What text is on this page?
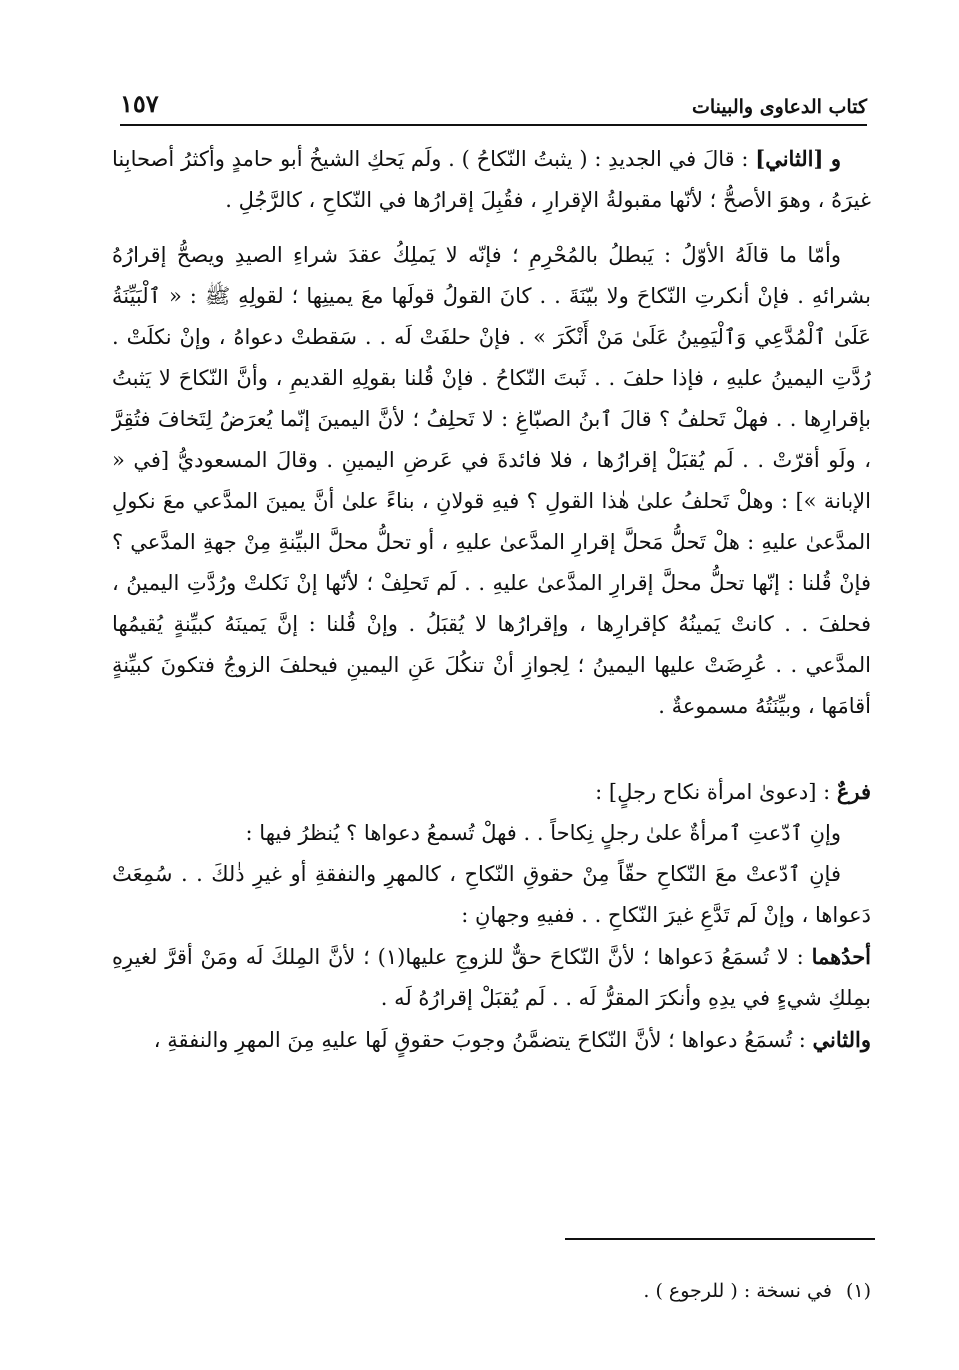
كتاب الدعاوى والبينات
١٥٧

و [الثاني] : قالَ في الجديدِ : ( يثبتُ النّكاحُ ) . ولَم يَحكِ الشيخُ أبو حامدٍ وأكثرُ أصحابِنا غيرَهُ ، وهوَ الأصحُّ ؛ لأنّها مقبولةُ الإقرارِ ، فقُبِلَ إقرارُها في النّكاحِ ، كالرَّجُلِ .

وأمّا ما قالَهُ الأوّلُ : يَبطلُ بالمُحْرِمِ ؛ فإنّه لا يَملِكُ عقدَ شراءِ الصيدِ ويصحُّ إقرارُهُ بشرائهِ . فإنْ أنكرتِ النّكاحَ ولا بيّنَةَ . . كانَ القولُ قولَها معَ يمينِها ؛ لقولِهِ ﷺ : « ٱلْبَيِّنَةُ عَلَىٰ ٱلْمُدَّعِي وَٱلْيَمِينُ عَلَىٰ مَنْ أَنْكَرَ » . فإنْ حلفَتْ لَه . . سَقطتْ دعواهُ ، وإنْ نكلَتْ . رُدَّتِ اليمينُ عليهِ ، فإذا حلفَ . . ثَبتَ النّكاحُ . فإنْ قُلنا بقولِهِ القديمِ ، وأنَّ النّكاحَ لا يَثبتُ بإقرارِها . . فهلْ تَحلفُ ؟ قالَ ٱبنُ الصبّاغِ : لا تَحلِفُ ؛ لأنَّ اليمينَ إنّما يُعرَضُ لِتَخافَ فتُقِرَّ ، ولَو أقرّتْ . . لَم يُقبَلْ إقرارُها ، فلا فائدةَ في عَرضِ اليمينِ . وقالَ المسعوديُّ [في « الإبانة »] : وهلْ تَحلفُ علىٰ هٰذا القولِ ؟ فيهِ قولانِ ، بناءً علىٰ أنَّ يمينَ المدَّعي معَ نكولِ المدَّعىٰ عليهِ : هلْ تَحلُّ مَحلَّ إقرارِ المدَّعىٰ عليهِ ، أو تحلُّ محلَّ البيِّنةِ مِنْ جهةِ المدَّعي ؟ فإنْ قُلنا : إنّها تحلُّ محلَّ إقرارِ المدَّعىٰ عليهِ . . لَم تَحلِفْ ؛ لأنّها إنْ نَكلتْ ورُدَّتِ اليمينُ ، فحلفَ . . كانتْ يَمينُهُ كإقرارِها ، وإقرارُها لا يُقبَلُ . وإنْ قُلنا : إنَّ يَمينَهُ كبيِّنةٍ يُقيمُها المدَّعي . . عُرِضَتْ عليها اليمينُ ؛ لِجوازِ أنْ تنكُلَ عَنِ اليمينِ فيحلفَ الزوجُ فتكونَ كبيِّنةٍ أقامَها ، وبيِّنَتُهُ مسموعةٌ .

فرعٌ : [دعوىٰ امرأة نكاح رجلٍ] :

وإنِ ٱدّعتِ ٱمرأةٌ علىٰ رجلٍ نِكاحاً . . فهلْ تُسمعُ دعواها ؟ يُنظرُ فيها :

فإنِ ٱدّعتْ معَ النّكاحِ حقّاً مِنْ حقوقِ النّكاحِ ، كالمهرِ والنفقةِ أو غيرِ ذٰلكَ . . سُمِعَتْ دَعواها ، وإنْ لَم تَدَّعِ غيرَ النّكاحِ . . ففيهِ وجهانِ :

أحدُهما : لا تُسمَعُ دَعواها ؛ لأنَّ النّكاحَ حقٌّ للزوجِ عليها(١) ؛ لأنَّ المِلكَ لَه ومَنْ أقرَّ لغيرِهِ بمِلكِ شيءٍ في يدِهِ وأنكرَ المقرُّ لَه . . لَم يُقبَلْ إقرارُهُ لَه .

والثاني : تُسمَعُ دعواها ؛ لأنَّ النّكاحَ يتضمَّنُ وجوبَ حقوقٍ لَها عليهِ مِنَ المهرِ والنفقةِ ،

(١)في نسخة : ( للرجوع ) .
